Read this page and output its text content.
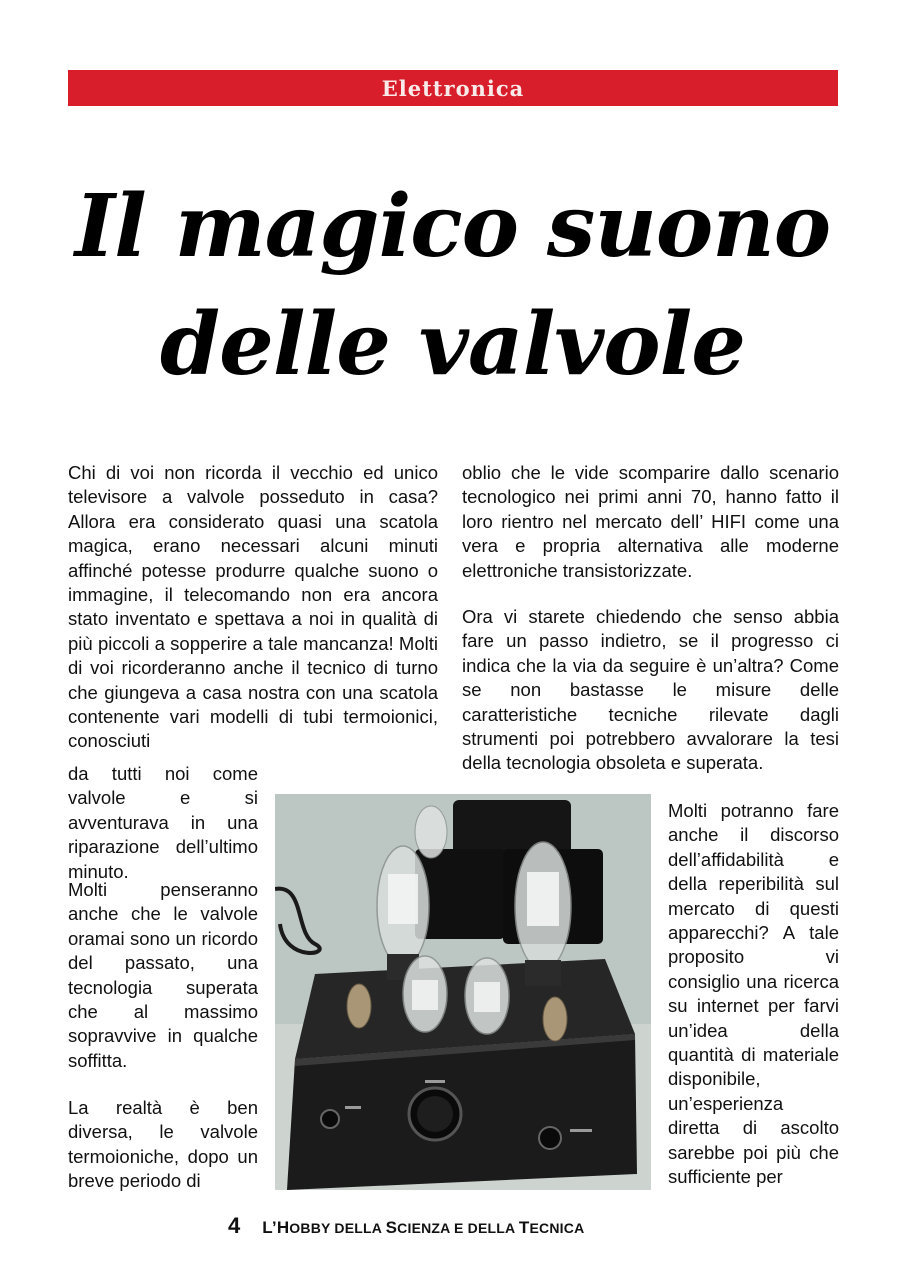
Elettronica
Il magico suono
delle valvole

Chi di voi non ricorda il vecchio ed unico televisore a valvole posseduto in casa? Allora era considerato quasi una scatola magica, erano necessari alcuni minuti affinché potesse produrre qualche suono o immagine, il telecomando non era ancora stato inventato e spettava a noi in qualità di più piccoli a sopperire a tale mancanza! Molti di voi ricorderanno anche il tecnico di turno che giungeva a casa nostra con una scatola contenente vari modelli di tubi termoionici, conosciuti

da tutti noi come valvole e si avventurava in una riparazione dell’ultimo minuto.

Molti penseranno anche che le valvole oramai sono un ricordo del passato, una tecnologia superata che al massimo sopravvive in qualche soffitta.

La realtà è ben diversa, le valvole termoioniche, dopo un breve periodo di

oblio che le vide scomparire dallo scenario tecnologico nei primi anni 70, hanno fatto il loro rientro nel mercato dell’ HIFI come una vera e propria alternativa alle moderne elettroniche transistorizzate.

Ora vi starete chiedendo che senso abbia fare un passo indietro, se il progresso ci indica che la via da seguire è un’altra? Come se non bastasse le misure delle caratteristiche tecniche rilevate dagli strumenti poi potrebbero avvalorare la tesi della tecnologia obsoleta e superata.

Molti potranno fare anche il discorso dell’affidabilità e della reperibilità sul mercato di questi apparecchi? A tale proposito vi consiglio una ricerca su internet per farvi un’idea della quantità di materiale disponibile, un’esperienza diretta di ascolto sarebbe poi più che sufficiente per

4 L’HOBBY DELLA SCIENZA E DELLA TECNICA
